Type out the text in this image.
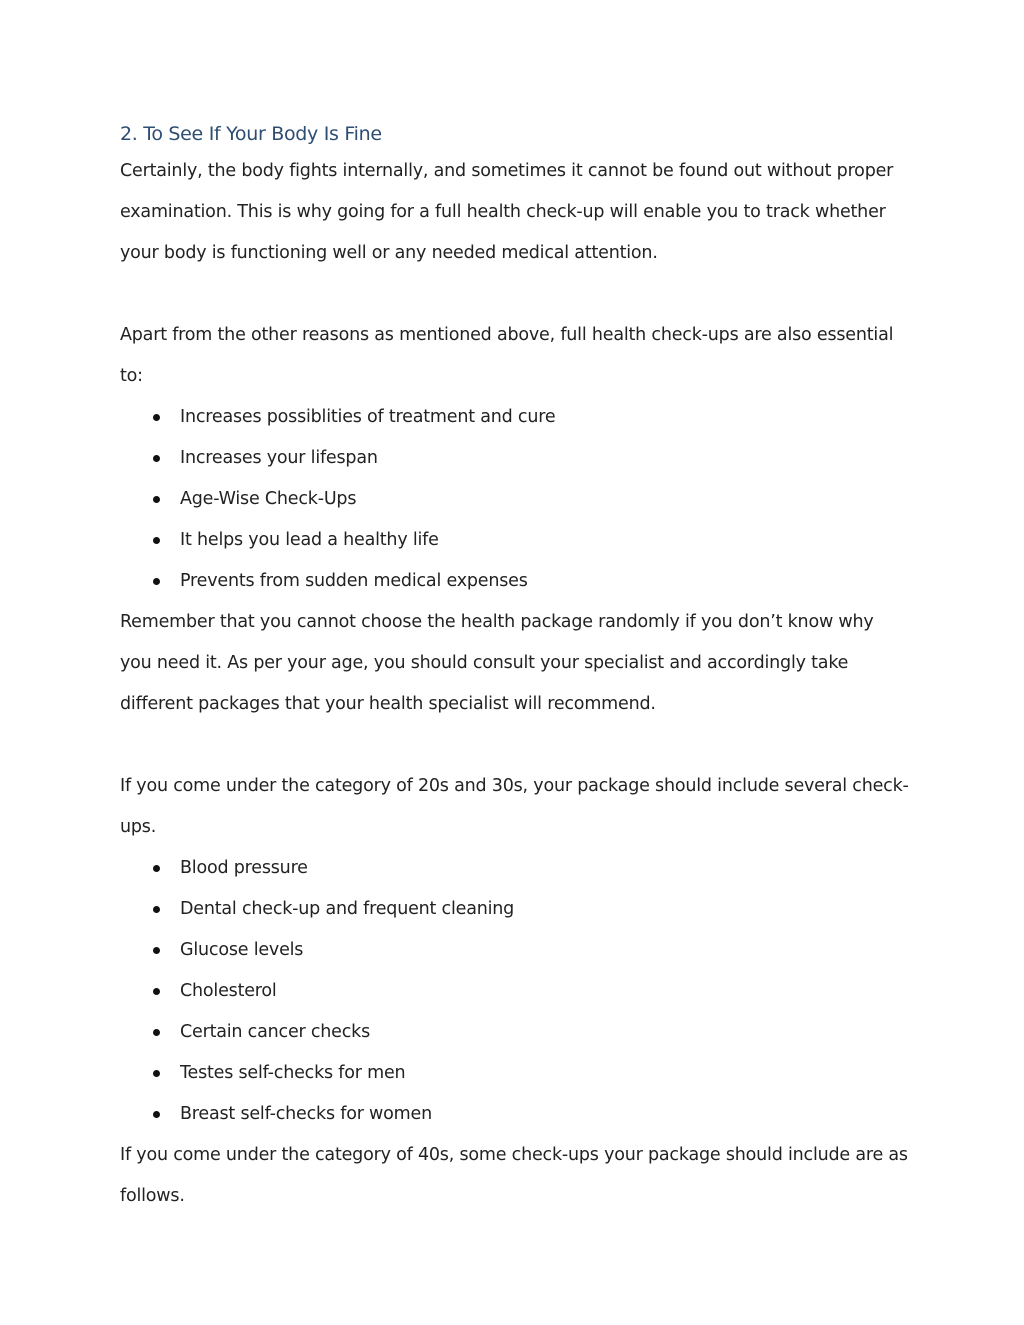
2. To See If Your Body Is Fine

Certainly, the body fights internally, and sometimes it cannot be found out without proper examination. This is why going for a full health check-up will enable you to track whether your body is functioning well or any needed medical attention.

Apart from the other reasons as mentioned above, full health check-ups are also essential to:

Increases possiblities of treatment and cure
Increases your lifespan
Age-Wise Check-Ups
It helps you lead a healthy life
Prevents from sudden medical expenses

Remember that you cannot choose the health package randomly if you don’t know why you need it. As per your age, you should consult your specialist and accordingly take different packages that your health specialist will recommend.

If you come under the category of 20s and 30s, your package should include several check-ups.

Blood pressure
Dental check-up and frequent cleaning
Glucose levels
Cholesterol
Certain cancer checks
Testes self-checks for men
Breast self-checks for women

If you come under the category of 40s, some check-ups your package should include are as follows.
